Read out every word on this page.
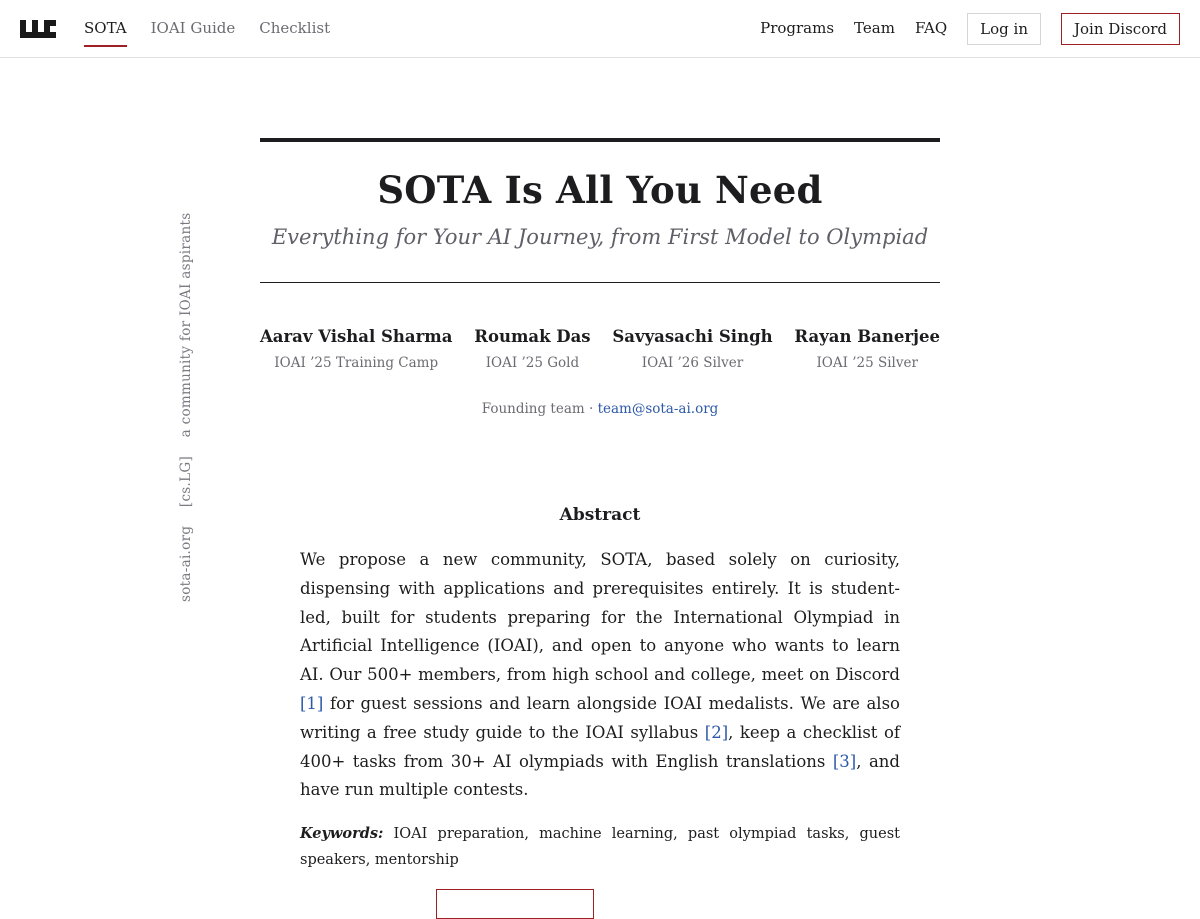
SOTA IOAI Guide Checklist	Programs Team FAQ	Log in	Join Discord
sota-ai.org [cs.LG] a community for IOAI aspirants
SOTA Is All You Need
Everything for Your AI Journey, from First Model to Olympiad
Aarav Vishal Sharma
IOAI ’25 Training Camp
Roumak Das
IOAI ’25 Gold
Savyasachi Singh
IOAI ’26 Silver
Rayan Banerjee
IOAI ’25 Silver
Founding team · team@sota-ai.org
Abstract

We propose a new community, SOTA, based solely on curiosity, dispensing with applications and prerequisites entirely. It is student-led, built for students preparing for the International Olympiad in Artificial Intelligence (IOAI), and open to anyone who wants to learn AI. Our 500+ members, from high school and college, meet on Discord [1] for guest sessions and learn alongside IOAI medalists. We are also writing a free study guide to the IOAI syllabus [2], keep a checklist of 400+ tasks from 30+ AI olympiads with English translations [3], and have run multiple contests.

Keywords: IOAI preparation, machine learning, past olympiad tasks, guest speakers, mentorship
